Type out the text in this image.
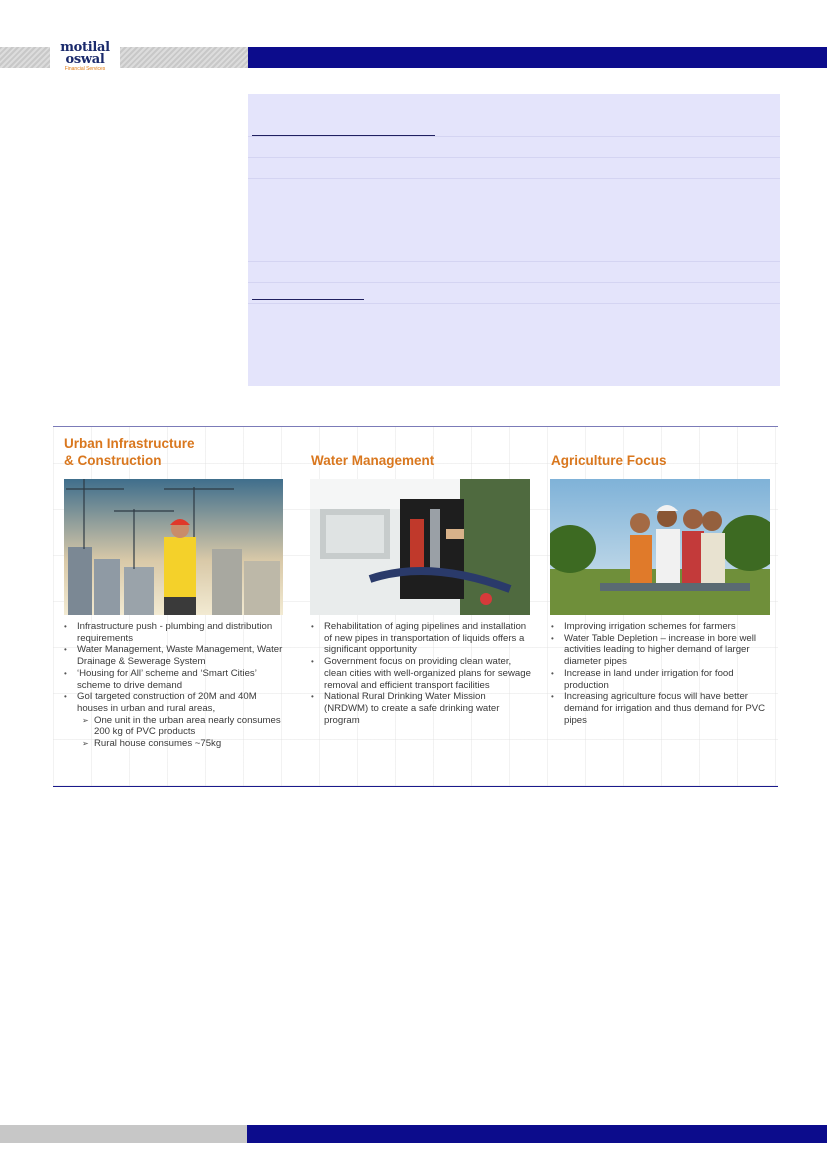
motilal
oswal
Financial Services
Urban Infrastructure
& Construction
• Infrastructure push - plumbing and distribution requirements
• Water Management, Waste Management, Water Drainage & Sewerage System
• ‘Housing for All’ scheme and ‘Smart Cities’ scheme to drive demand
• GoI targeted construction of 20M and 40M houses in urban and rural areas,
➢ One unit in the urban area nearly consumes 200 kg of PVC products
➢ Rural house consumes ~75kg
Water Management
• Rehabilitation of aging pipelines and installation of new pipes in transportation of liquids offers a significant opportunity
• Government focus on providing clean water, clean cities with well-organized plans for sewage removal and efficient transport facilities
• National Rural Drinking Water Mission (NRDWM) to create a safe drinking water program
Agriculture Focus
• Improving irrigation schemes for farmers
• Water Table Depletion – increase in bore well activities leading to higher demand of larger diameter pipes
• Increase in land under irrigation for food production
• Increasing agriculture focus will have better demand for irrigation and thus demand for PVC pipes
